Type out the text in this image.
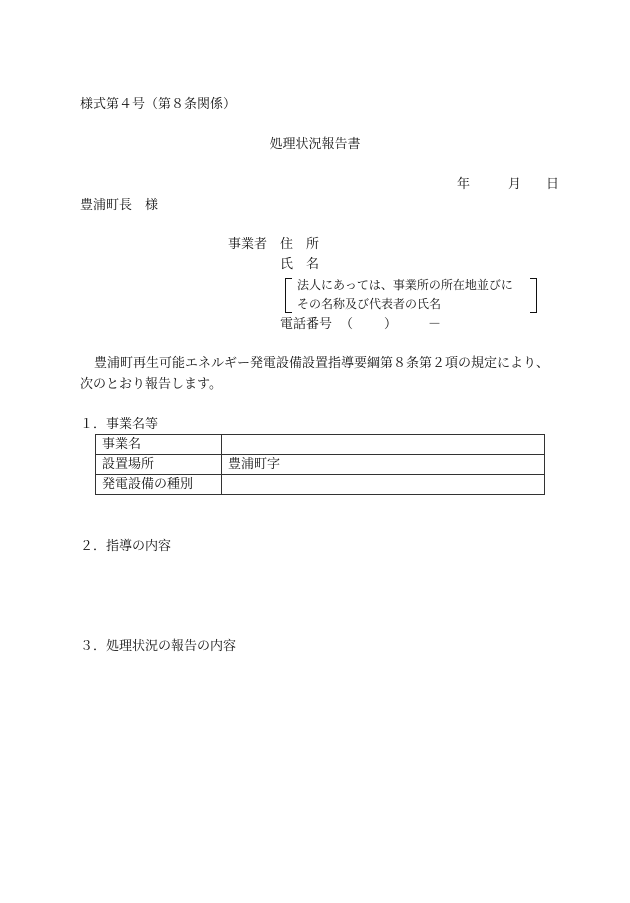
様式第４号（第８条関係）
処理状況報告書
年	月 日
豊浦町長　様
事業者 住　所
氏　名
法人にあっては、事業所の所在地並びに
その名称及び代表者の氏名
電話番号 （ ） －
豊浦町再生可能エネルギー発電設備設置指導要綱第８条第２項の規定により、
次のとおり報告します。
１．事業名等
事業名	
設置場所	豊浦町字
発電設備の種別	
２．指導の内容
３．処理状況の報告の内容
